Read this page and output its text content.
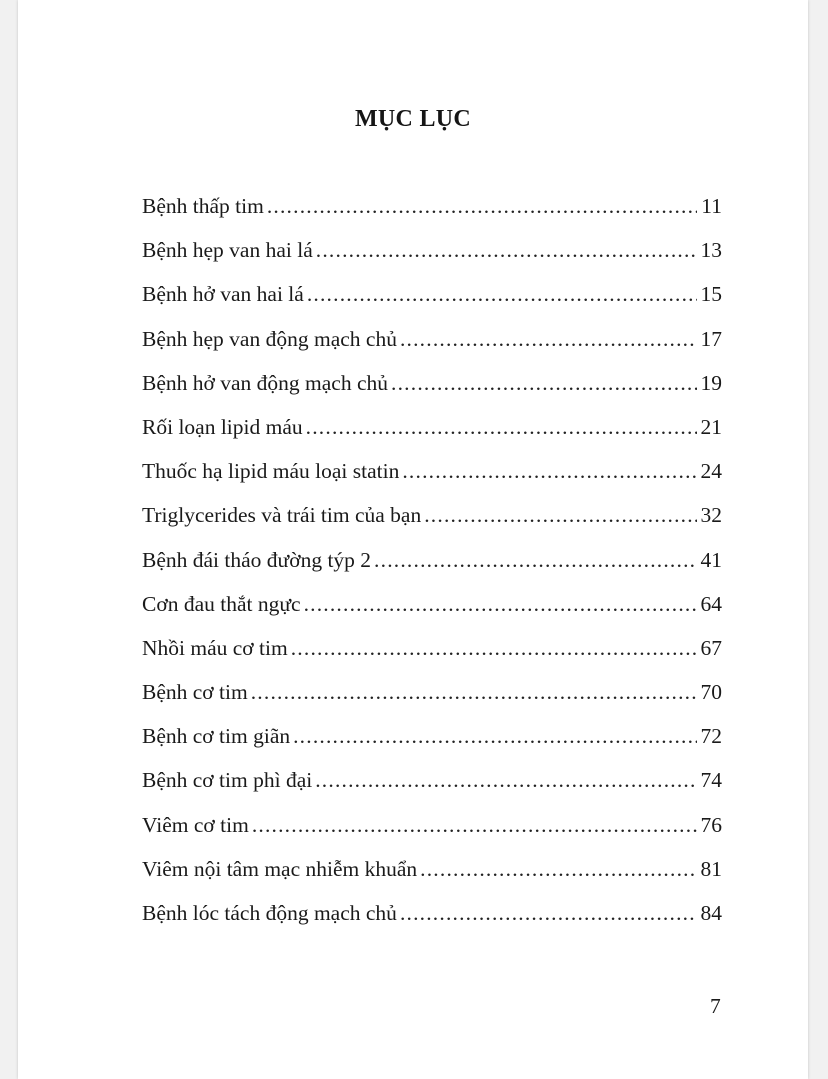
MỤC LỤC
Bệnh thấp tim .....	11
Bệnh hẹp van hai lá .....	13
Bệnh hở van hai lá .....	15
Bệnh hẹp van động mạch chủ .....	17
Bệnh hở van động mạch chủ .....	19
Rối loạn lipid máu .....	21
Thuốc hạ lipid máu loại statin .....	24
Triglycerides và trái tim của bạn .....	32
Bệnh đái tháo đường týp 2 .....	41
Cơn đau thắt ngực .....	64
Nhồi máu cơ tim .....	67
Bệnh cơ tim .....	70
Bệnh cơ tim giãn .....	72
Bệnh cơ tim phì đại .....	74
Viêm cơ tim .....	76
Viêm nội tâm mạc nhiễm khuẩn .....	81
Bệnh lóc tách động mạch chủ .....	84
7
